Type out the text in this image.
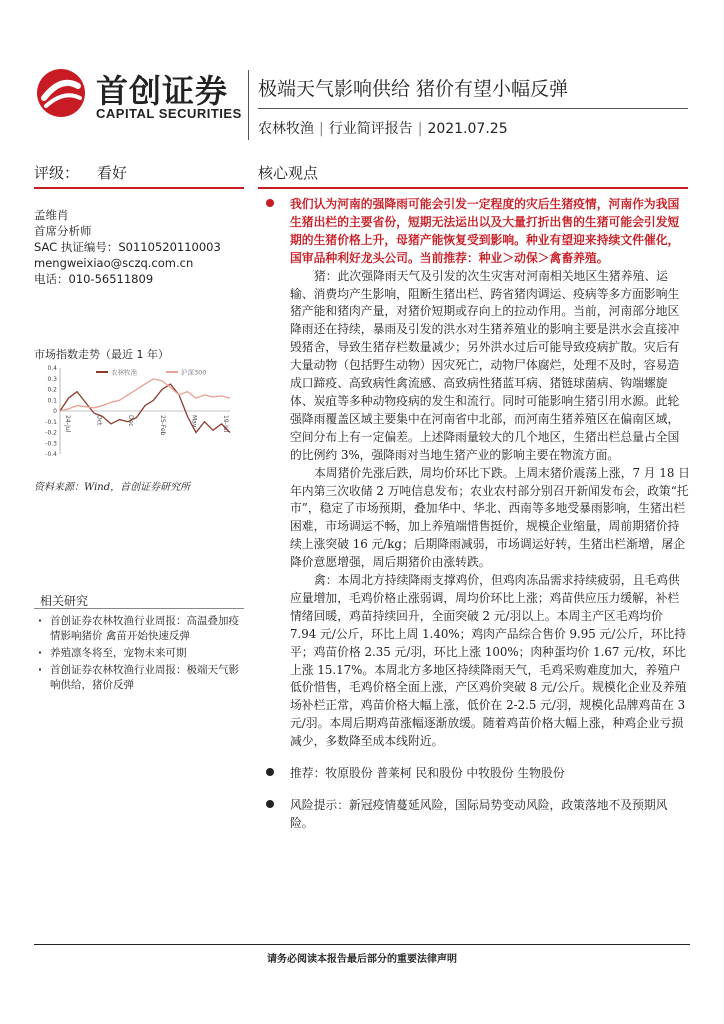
首创证券
CAPITAL SECURITIES
极端天气影响供给 猪价有望小幅反弹
农林牧渔 | 行业简评报告 | 2021.07.25
评级： 看好	核心观点
孟维肖
首席分析师
SAC 执证编号：S0110520110003
mengweixiao@sczq.com.cn
电话：010-56511809
市场指数走势（最近 1 年）
0.4
0.3
0.2
0.1
0
-0.1
-0.2
-0.3
-0.4
24-Jul	Oct	Dec	25-Feb	May	19-Jul
农林牧渔	沪深300
资料来源：Wind，首创证券研究所
相关研究
· 首创证券农林牧渔行业周报：高温叠加疫情影响猪价 禽苗开始快速反弹
· 养殖凛冬将至，宠物未来可期
· 首创证券农林牧渔行业周报：极端天气影响供给，猪价反弹
我们认为河南的强降雨可能会引发一定程度的灾后生猪疫情，河南作为我国生猪出栏的主要省份，短期无法运出以及大量打折出售的生猪可能会引发短期的生猪价格上升，母猪产能恢复受到影响。种业有望迎来持续文件催化，国审品种利好龙头公司。当前推荐：种业＞动保＞禽畜养殖。
猪：此次强降雨天气及引发的次生灾害对河南相关地区生猪养殖、运输、消费均产生影响，阻断生猪出栏、跨省猪肉调运、疫病等多方面影响生猪产能和猪肉产量，对猪价短期或存向上的拉动作用。当前，河南部分地区降雨还在持续，暴雨及引发的洪水对生猪养殖业的影响主要是洪水会直接冲毁猪舍，导致生猪存栏数量减少；另外洪水过后可能导致疫病扩散。灾后有大量动物（包括野生动物）因灾死亡，动物尸体腐烂，处理不及时，容易造成口蹄疫、高致病性禽流感、高致病性猪蓝耳病、猪链球菌病、钩端螺旋体、炭疽等多种动物疫病的发生和流行。同时可能影响生猪引用水源。此轮强降雨覆盖区域主要集中在河南省中北部，而河南生猪养殖区在偏南区域，空间分布上有一定偏差。上述降雨量较大的几个地区，生猪出栏总量占全国的比例约 3%，强降雨对当地生猪产业的影响主要在物流方面。
本周猪价先涨后跌，周均价环比下跌。上周末猪价震荡上涨，7 月 18 日年内第三次收储 2 万吨信息发布；农业农村部分别召开新闻发布会，政策“托市”，稳定了市场预期，叠加华中、华北、西南等多地受暴雨影响，生猪出栏困难，市场调运不畅，加上养殖端惜售挺价，规模企业缩量，周前期猪价持续上涨突破 16 元/kg；后期降雨减弱，市场调运好转，生猪出栏渐增，屠企降价意愿增强，周后期猪价由涨转跌。
禽：本周北方持续降雨支撑鸡价，但鸡肉冻品需求持续疲弱，且毛鸡供应量增加，毛鸡价格止涨弱调，周均价环比上涨；鸡苗供应压力缓解，补栏情绪回暖，鸡苗持续回升，全面突破 2 元/羽以上。本周主产区毛鸡均价 7.94 元/公斤，环比上周 1.40%；鸡肉产品综合售价 9.95 元/公斤，环比持平；鸡苗价格 2.35 元/羽，环比上涨 100%；肉种蛋均价 1.67 元/枚，环比上涨 15.17%。本周北方多地区持续降雨天气，毛鸡采购难度加大，养殖户低价惜售，毛鸡价格全面上涨，产区鸡价突破 8 元/公斤。规模化企业及养殖场补栏正常，鸡苗价格大幅上涨，低价在 2-2.5 元/羽，规模化品牌鸡苗在 3 元/羽。本周后期鸡苗涨幅逐渐放缓。随着鸡苗价格大幅上涨，种鸡企业亏损减少，多数降至成本线附近。
推荐：牧原股份 普莱柯 民和股份 中牧股份 生物股份
风险提示：新冠疫情蔓延风险，国际局势变动风险，政策落地不及预期风险。
请务必阅读本报告最后部分的重要法律声明
